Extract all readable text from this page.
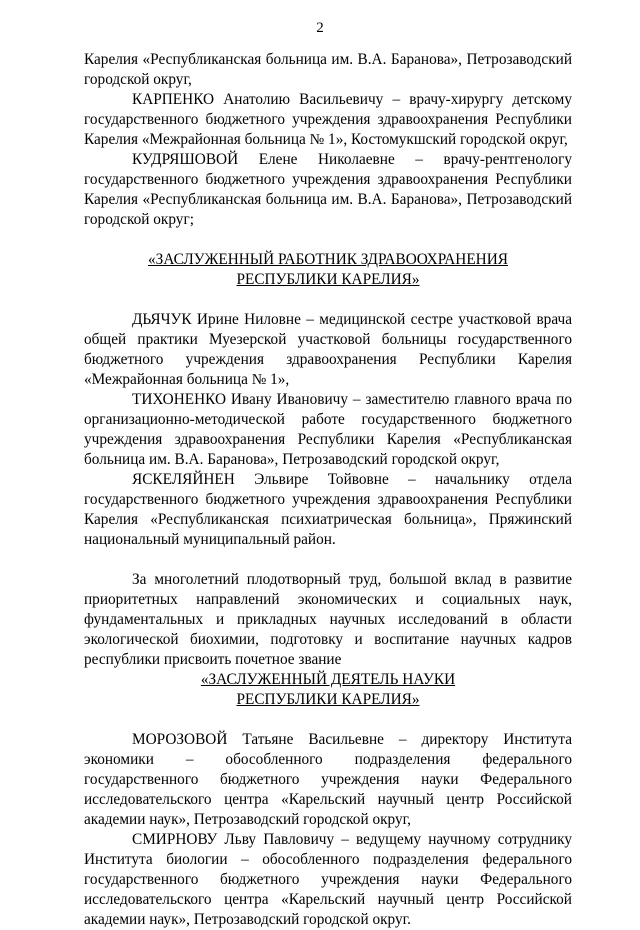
2

Карелия «Республиканская больница им. В.А. Баранова», Петрозаводский городской округ,

КАРПЕНКО Анатолию Васильевичу – врачу-хирургу детскому государственного бюджетного учреждения здравоохранения Республики Карелия «Межрайонная больница № 1», Костомукшский городской округ,

КУДРЯШОВОЙ Елене Николаевне – врачу-рентгенологу государственного бюджетного учреждения здравоохранения Республики Карелия «Республиканская больница им. В.А. Баранова», Петрозаводский городской округ;

«ЗАСЛУЖЕННЫЙ РАБОТНИК ЗДРАВООХРАНЕНИЯ

РЕСПУБЛИКИ КАРЕЛИЯ»

ДЬЯЧУК Ирине Ниловне – медицинской сестре участковой врача общей практики Муезерской участковой больницы государственного бюджетного учреждения здравоохранения Республики Карелия «Межрайонная больница № 1»,

ТИХОНЕНКО Ивану Ивановичу – заместителю главного врача по организационно-методической работе государственного бюджетного учреждения здравоохранения Республики Карелия «Республиканская больница им. В.А. Баранова», Петрозаводский городской округ,

ЯСКЕЛЯЙНЕН Эльвире Тойвовне – начальнику отдела государственного бюджетного учреждения здравоохранения Республики Карелия «Республиканская психиатрическая больница», Пряжинский национальный муниципальный район.

За многолетний плодотворный труд, большой вклад в развитие приоритетных направлений экономических и социальных наук, фундаментальных и прикладных научных исследований в области экологической биохимии, подготовку и воспитание научных кадров республики присвоить почетное звание

«ЗАСЛУЖЕННЫЙ ДЕЯТЕЛЬ НАУКИ

РЕСПУБЛИКИ КАРЕЛИЯ»

МОРОЗОВОЙ Татьяне Васильевне – директору Института экономики – обособленного подразделения федерального государственного бюджетного учреждения науки Федерального исследовательского центра «Карельский научный центр Российской академии наук», Петрозаводский городской округ,

СМИРНОВУ Льву Павловичу – ведущему научному сотруднику Института биологии – обособленного подразделения федерального государственного бюджетного учреждения науки Федерального исследовательского центра «Карельский научный центр Российской академии наук», Петрозаводский городской округ.
